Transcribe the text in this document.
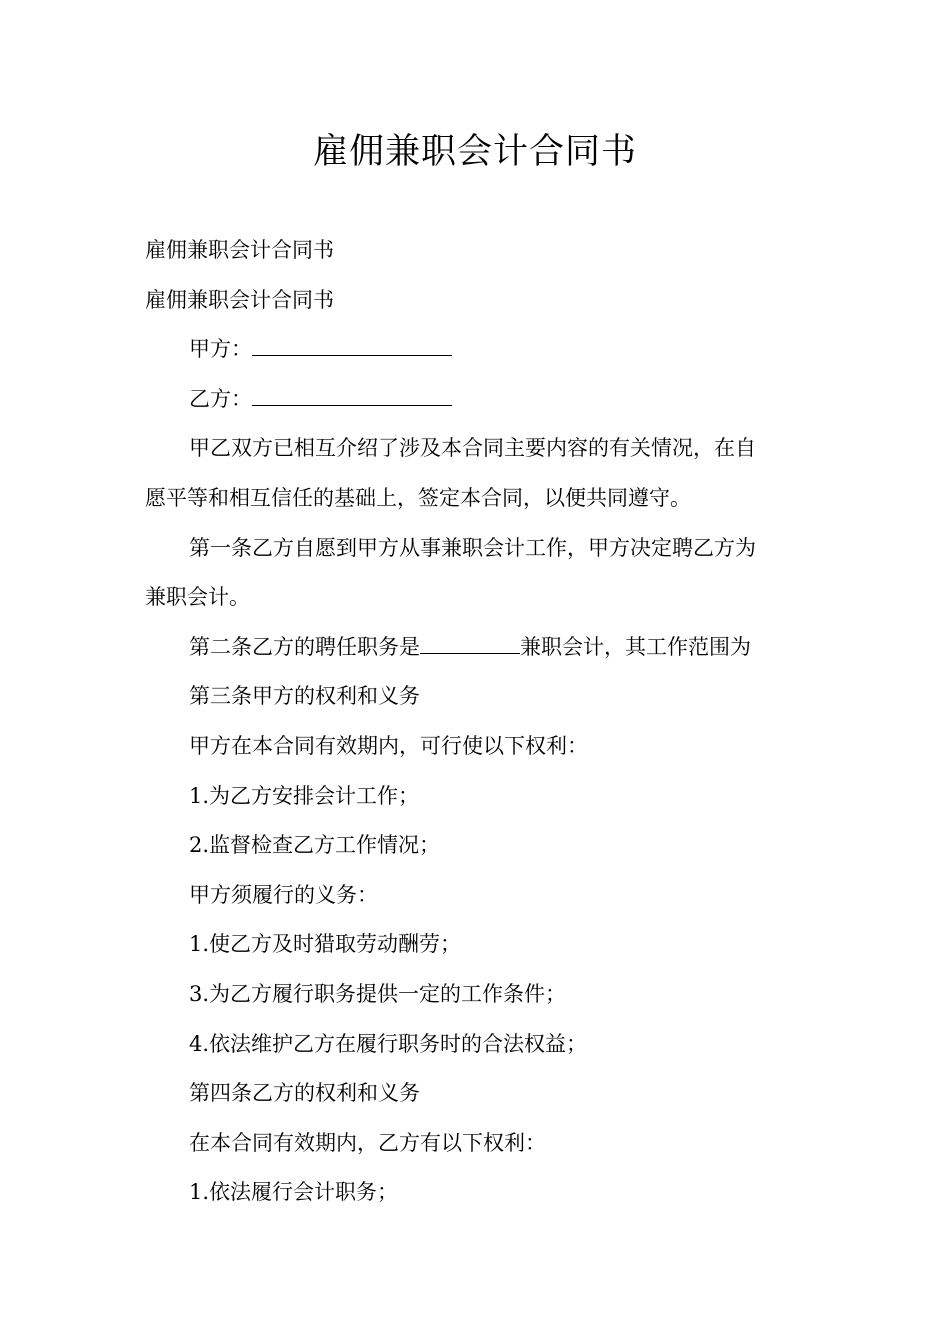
雇佣兼职会计合同书

雇佣兼职会计合同书

雇佣兼职会计合同书

甲方：

乙方：

甲乙双方已相互介绍了涉及本合同主要内容的有关情况，在自

愿平等和相互信任的基础上，签定本合同，以便共同遵守。

第一条乙方自愿到甲方从事兼职会计工作，甲方决定聘乙方为

兼职会计。

第二条乙方的聘任职务是	兼职会计，其工作范围为

第三条甲方的权利和义务

甲方在本合同有效期内，可行使以下权利：

1.为乙方安排会计工作；

2.监督检查乙方工作情况；

甲方须履行的义务：

1.使乙方及时猎取劳动酬劳；

3.为乙方履行职务提供一定的工作条件；

4.依法维护乙方在履行职务时的合法权益；

第四条乙方的权利和义务

在本合同有效期内，乙方有以下权利：

1.依法履行会计职务；
